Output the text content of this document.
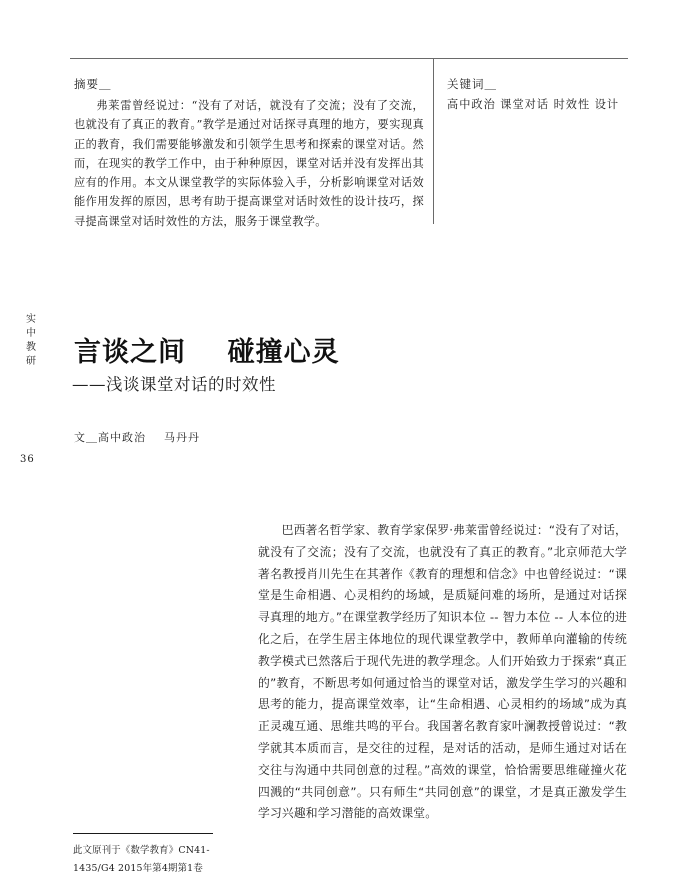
摘要＿
弗莱雷曾经说过：“没有了对话，就没有了交流；没有了交流，也就没有了真正的教育。”教学是通过对话探寻真理的地方，要实现真正的教育，我们需要能够激发和引领学生思考和探索的课堂对话。然而，在现实的教学工作中，由于种种原因，课堂对话并没有发挥出其应有的作用。本文从课堂教学的实际体验入手，分析影响课堂对话效能作用发挥的原因，思考有助于提高课堂对话时效性的设计技巧，探寻提高课堂对话时效性的方法，服务于课堂教学。
关键词＿
高中政治 课堂对话 时效性 设计
实
中
教
研
36
言谈之间    碰撞心灵
——浅谈课堂对话的时效性
文＿高中政治    马丹丹
此文原刊于《数学教育》CN41-1435/G4 2015年第4期第1卷
巴西著名哲学家、教育学家保罗·弗莱雷曾经说过：“没有了对话，就没有了交流；没有了交流，也就没有了真正的教育。”北京师范大学著名教授肖川先生在其著作《教育的理想和信念》中也曾经说过：“课堂是生命相遇、心灵相约的场域，是质疑问难的场所，是通过对话探寻真理的地方。”在课堂教学经历了知识本位 -- 智力本位 -- 人本位的进化之后，在学生居主体地位的现代课堂教学中，教师单向灌输的传统教学模式已然落后于现代先进的教学理念。人们开始致力于探索“真正的”教育，不断思考如何通过恰当的课堂对话，激发学生学习的兴趣和思考的能力，提高课堂效率，让“生命相遇、心灵相约的场域”成为真正灵魂互通、思维共鸣的平台。我国著名教育家叶澜教授曾说过：“教学就其本质而言，是交往的过程，是对话的活动，是师生通过对话在交往与沟通中共同创意的过程。”高效的课堂，恰恰需要思维碰撞火花四溅的“共同创意”。只有师生“共同创意”的课堂，才是真正激发学生学习兴趣和学习潜能的高效课堂。
